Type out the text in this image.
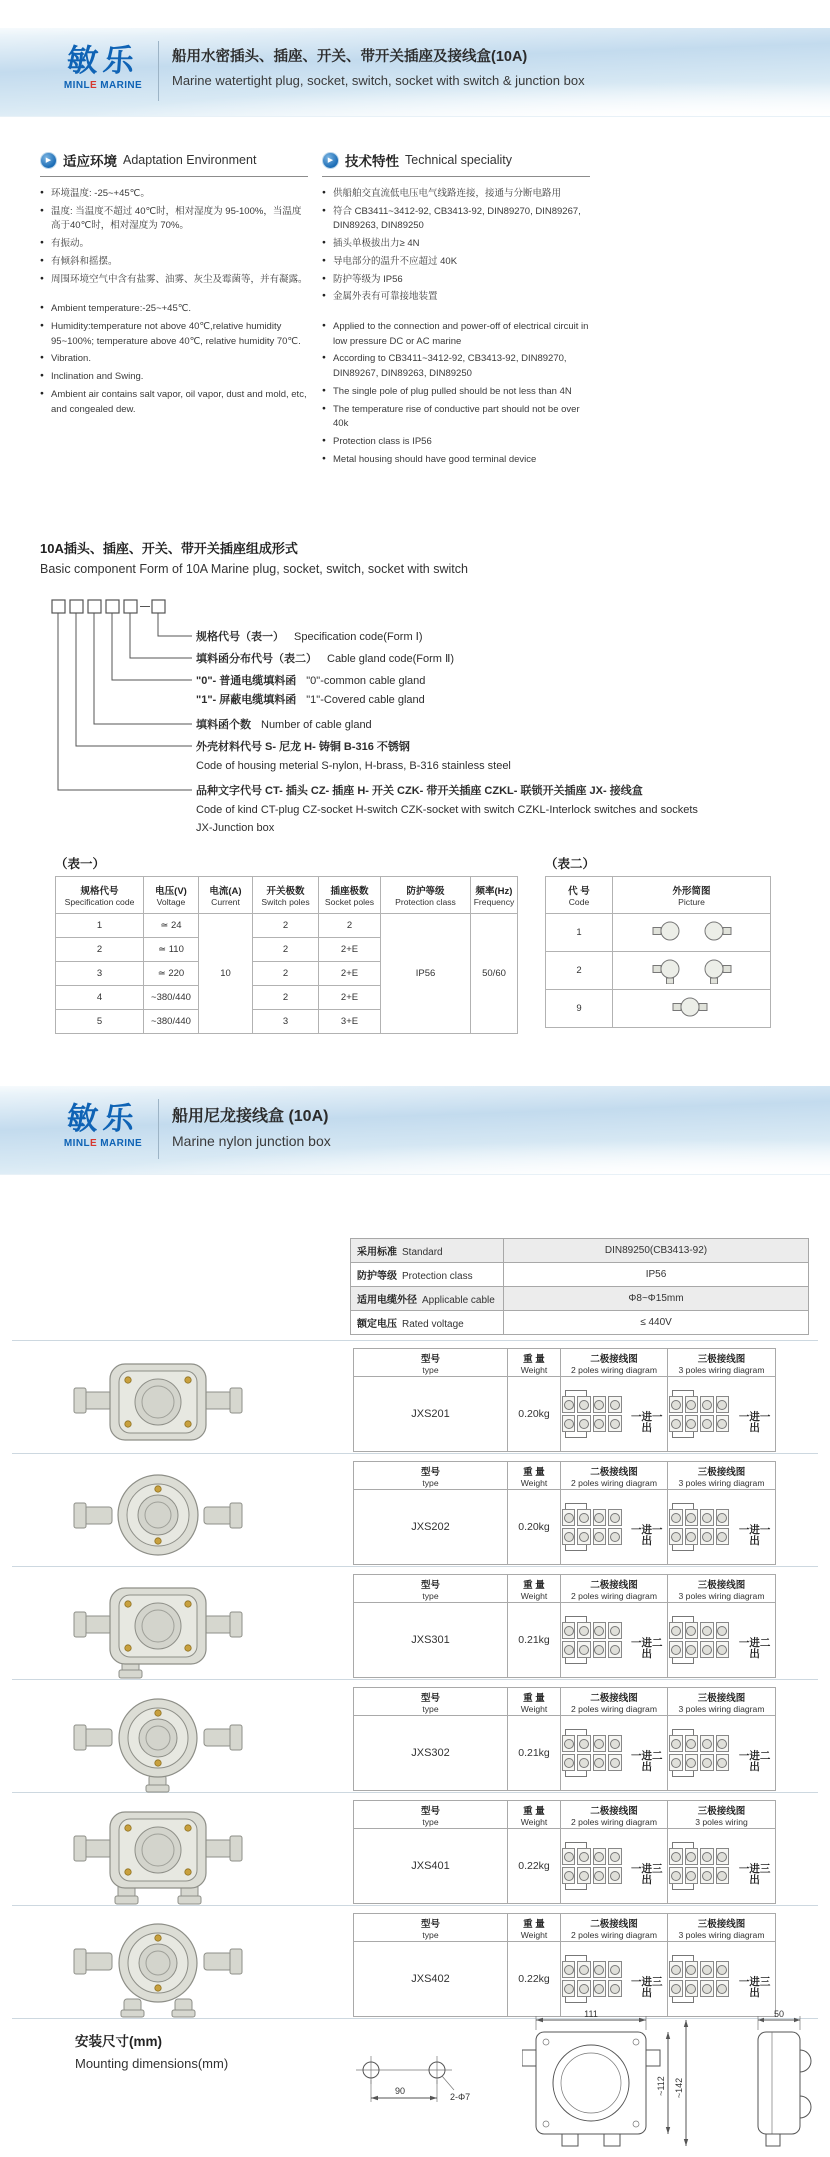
敏乐
MINLE MARINE
船用水密插头、插座、开关、带开关插座及接线盒(10A)
Marine watertight plug, socket, switch, socket with switch & junction box
▶ 适应环境 Adaptation Environment
● 环境温度: -25~+45℃。
● 温度: 当温度不超过 40℃时，相对湿度为 95-100%，当温度高于40℃时，相对湿度为 70%。
● 有振动。
● 有倾斜和摇摆。
● 周围环境空气中含有盐雾、油雾、灰尘及霉菌等，并有凝露。
● Ambient temperature:-25~+45℃.
● Humidity:temperature not above 40℃,relative humidity 95~100%; temperature above 40℃, relative humidity 70℃.
● Vibration.
● Inclination and Swing.
● Ambient air contains salt vapor, oil vapor, dust and mold, etc, and congealed dew.
▶ 技术特性 Technical speciality
● 供船舶交直流低电压电气线路连接，接通与分断电路用
● 符合 CB3411~3412-92, CB3413-92, DIN89270, DIN89267, DIN89263, DIN89250
● 插头单极拔出力≥ 4N
● 导电部分的温升不应超过 40K
● 防护等级为 IP56
● 金属外表有可靠接地装置
● Applied to the connection and power-off of electrical circuit in low pressure DC or AC marine
● According to CB3411~3412-92, CB3413-92, DIN89270, DIN89267, DIN89263, DIN89250
● The single pole of plug pulled should be not less than 4N
● The temperature rise of conductive part should not be over 40k
● Protection class is IP56
● Metal housing should have good terminal device
10A插头、插座、开关、带开关插座组成形式
Basic component Form of 10A Marine plug, socket, switch, socket with switch
规格代号（表一） Specification code(Form Ⅰ)
填料函分布代号（表二） Cable gland code(Form Ⅱ)
"0"- 普通电缆填料函 "0"-common cable gland
"1"- 屏蔽电缆填料函 "1"-Covered cable gland
填料函个数 Number of cable gland
外壳材料代号 S- 尼龙 H- 铸铜 B-316 不锈钢
Code of housing meterial S-nylon, H-brass, B-316 stainless steel
品种文字代号 CT- 插头 CZ- 插座 H- 开关 CZK- 带开关插座 CZKL- 联锁开关插座 JX- 接线盒
Code of kind CT-plug CZ-socket H-switch CZK-socket with switch CZKL-Interlock switches and sockets
JX-Junction box
（表一）
规格代号
Specification code	电压(V)
Voltage	电流(A)
Current	开关极数
Switch poles	插座极数
Socket poles	防护等级
Protection class	频率(Hz)
Frequency

1	≃ 24	10	2	2	IP56	50/60
2	≃ 110		2	2+E		
3	≃ 220		2	2+E		
4	~380/440		2	2+E		
5	~380/440		3	3+E		
（表二）
代 号
Code	外形简图
Picture

1	
2	
9	
敏乐
MINLE MARINE
船用尼龙接线盒 (10A)
Marine nylon junction box
采用标准 Standard	DIN89250(CB3413-92)
防护等级 Protection class	IP56
适用电缆外径 Applicable cable	Φ8~Φ15mm
额定电压 Rated voltage	≤ 440V
型号
type	重 量
Weight	二极接线图
2 poles wiring diagram	三极接线图
3 poles wiring diagram

JXS201	0.20kg	一进一出	一进一出
型号
type	重 量
Weight	二极接线图
2 poles wiring diagram	三极接线图
3 poles wiring diagram

JXS202	0.20kg	一进一出	一进一出
型号
type	重 量
Weight	二极接线图
2 poles wiring diagram	三极接线图
3 poles wiring diagram

JXS301	0.21kg	一进二出	一进二出
型号
type	重 量
Weight	二极接线图
2 poles wiring diagram	三极接线图
3 poles wiring diagram

JXS302	0.21kg	一进二出	一进二出
型号
type	重 量
Weight	二极接线图
2 poles wiring diagram	三极接线图
3 poles wiring

JXS401	0.22kg	一进三出	一进三出
型号
type	重 量
Weight	二极接线图
2 poles wiring diagram	三极接线图
3 poles wiring diagram

JXS402	0.22kg	一进三出	一进三出
安装尺寸(mm)
Mounting dimensions(mm)
90
2-Φ7
111
~112 ~142
50
